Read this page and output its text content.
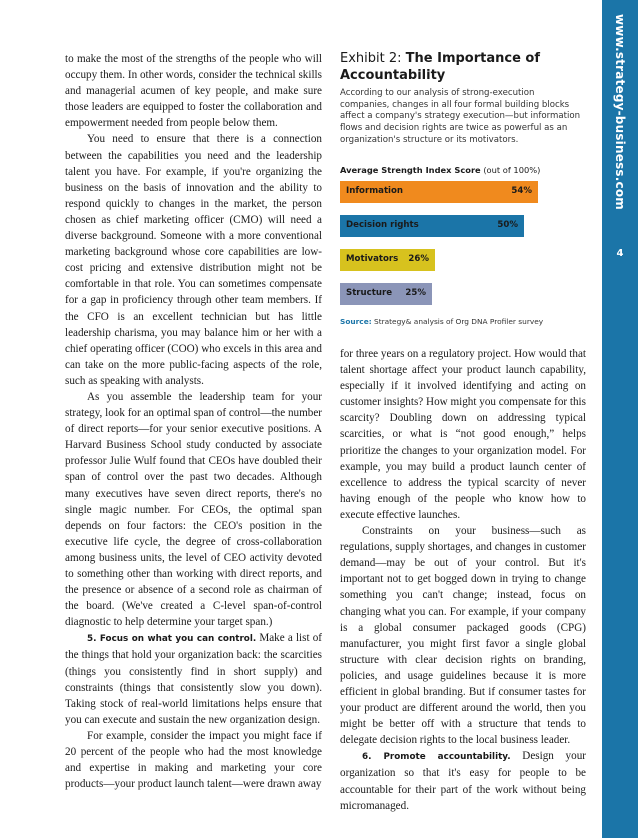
www.strategy-business.com
4

to make the most of the strengths of the people who will occupy them. In other words, consider the technical skills and managerial acumen of key people, and make sure those leaders are equipped to foster the collaboration and empowerment needed from people below them.

You need to ensure that there is a connection between the capabilities you need and the leadership talent you have. For example, if you're organizing the business on the basis of innovation and the ability to respond quickly to changes in the market, the person chosen as chief marketing officer (CMO) will need a diverse background. Someone with a more conventional marketing background whose core capabilities are low-cost pricing and extensive distribution might not be comfortable in that role. You can sometimes compensate for a gap in proficiency through other team members. If the CFO is an excellent technician but has little leadership charisma, you may balance him or her with a chief operating officer (COO) who excels in this area and can take on the more public-facing aspects of the role, such as speaking with analysts.

As you assemble the leadership team for your strategy, look for an optimal span of control—the number of direct reports—for your senior executive positions. A Harvard Business School study conducted by associate professor Julie Wulf found that CEOs have doubled their span of control over the past two decades. Although many executives have seven direct reports, there's no single magic number. For CEOs, the optimal span depends on four factors: the CEO's position in the executive life cycle, the degree of cross-collaboration among business units, the level of CEO activity devoted to something other than working with direct reports, and the presence or absence of a second role as chairman of the board. (We've created a C-level span-of-control diagnostic to help determine your target span.)

5. Focus on what you can control. Make a list of the things that hold your organization back: the scarcities (things you consistently find in short supply) and constraints (things that consistently slow you down). Taking stock of real-world limitations helps ensure that you can execute and sustain the new organization design.

For example, consider the impact you might face if 20 percent of the people who had the most knowledge and expertise in making and marketing your core products—your product launch talent—were drawn away

Exhibit 2: The Importance of Accountability

According to our analysis of strong-execution companies, changes in all four formal building blocks affect a company's strategy execution—but information flows and decision rights are twice as powerful as an organization's structure or its motivators.

Average Strength Index Score (out of 100%)
Information	54%
Decision rights	50%
Motivators 26%
Structure 25%
Source: Strategy& analysis of Org DNA Profiler survey

for three years on a regulatory project. How would that talent shortage affect your product launch capability, especially if it involved identifying and acting on customer insights? How might you compensate for this scarcity? Doubling down on addressing typical scarcities, or what is “not good enough,” helps prioritize the changes to your organization model. For example, you may build a product launch center of excellence to address the typical scarcity of never having enough of the people who know how to execute effective launches.

Constraints on your business—such as regulations, supply shortages, and changes in customer demand—may be out of your control. But it's important not to get bogged down in trying to change something you can't change; instead, focus on changing what you can. For example, if your company is a global consumer packaged goods (CPG) manufacturer, you might first favor a single global structure with clear decision rights on branding, policies, and usage guidelines because it is more efficient in global branding. But if consumer tastes for your product are different around the world, then you might be better off with a structure that tends to delegate decision rights to the local business leader.

6. Promote accountability. Design your organization so that it's easy for people to be accountable for their part of the work without being micromanaged.
